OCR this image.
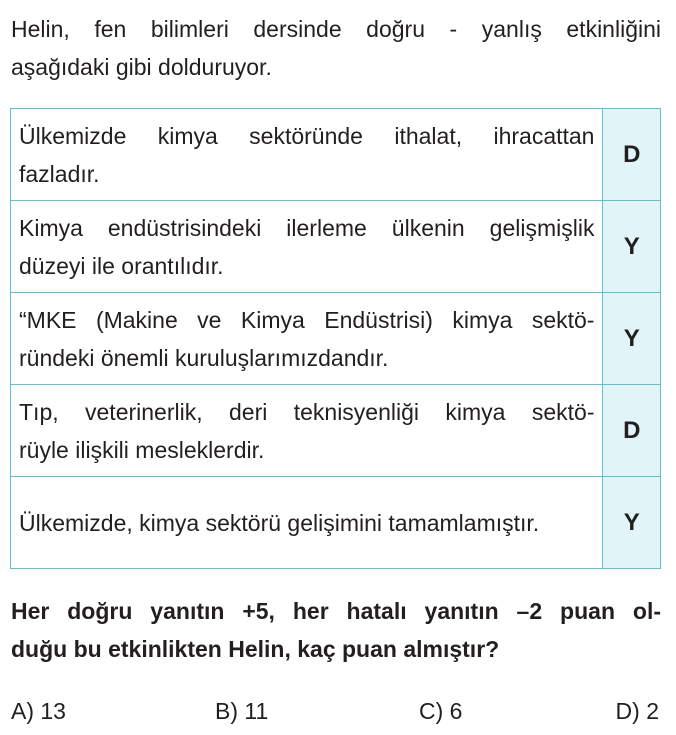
Helin, fen bilimleri dersinde doğru - yanlış etkinliğini
aşağıdaki gibi dolduruyor.
Ülkemizde kimya sektöründe ithalat, ihracattan
fazladır.	D

Kimya endüstrisindeki ilerleme ülkenin gelişmişlik
düzeyi ile orantılıdır.	Y

“MKE (Makine ve Kimya Endüstrisi) kimya sektö-
ründeki önemli kuruluşlarımızdandır.	Y

Tıp, veterinerlik, deri teknisyenliği kimya sektö-
rüyle ilişkili mesleklerdir.	D

Ülkemizde, kimya sektörü gelişimini tamamlamıştır.	Y
Her doğru yanıtın +5, her hatalı yanıtın –2 puan ol-
duğu bu etkinlikten Helin, kaç puan almıştır?
A) 13	B) 11	C) 6	D) 2
